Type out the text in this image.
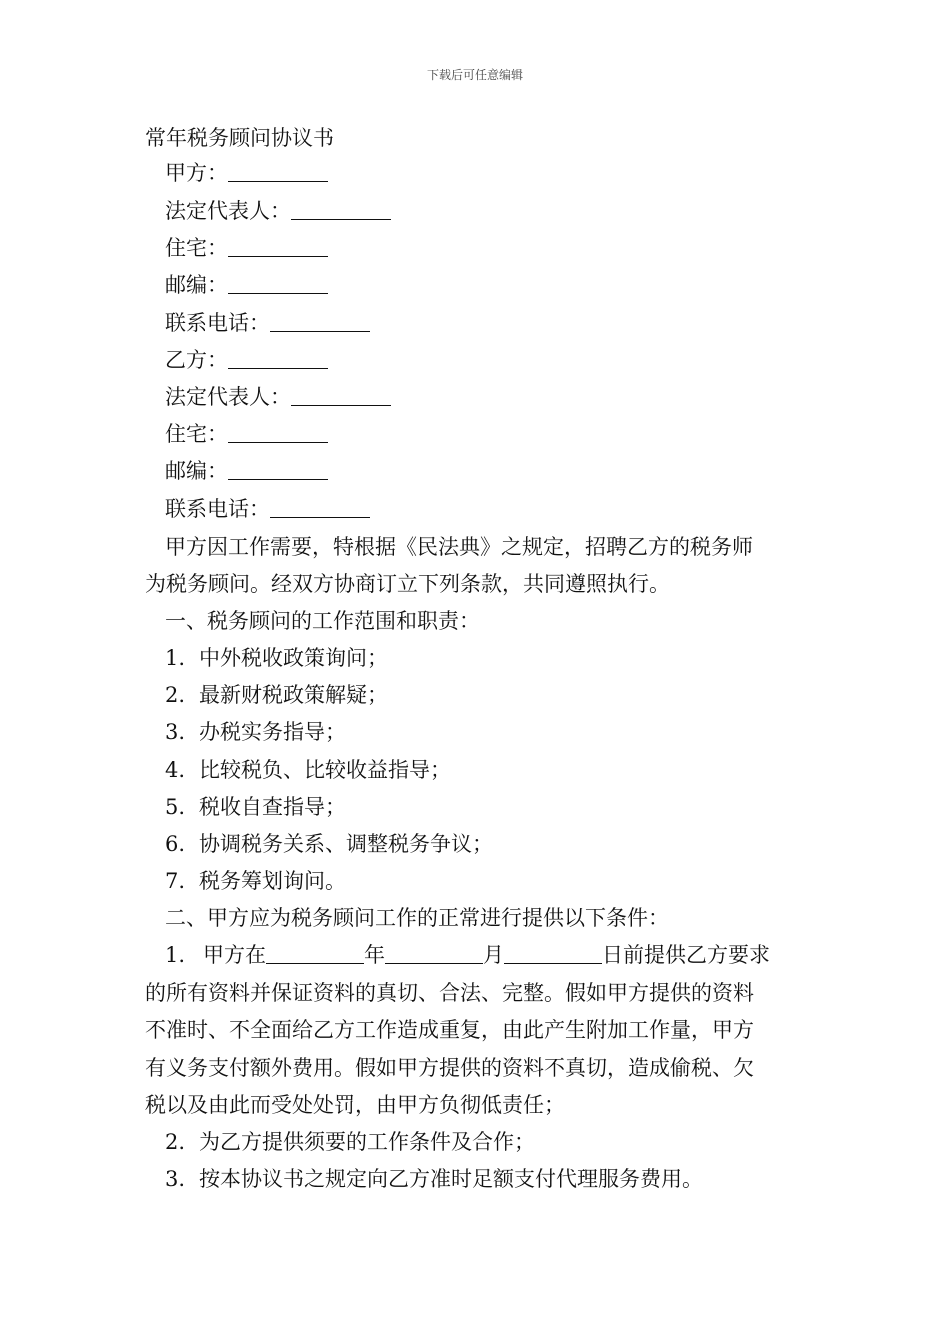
下载后可任意编辑
常年税务顾问协议书
甲方：
法定代表人：
住宅：
邮编：
联系电话：
乙方：
法定代表人：
住宅：
邮编：
联系电话：
甲方因工作需要，特根据《民法典》之规定，招聘乙方的税务师
为税务顾问。经双方协商订立下列条款，共同遵照执行。
一、税务顾问的工作范围和职责：
1. 中外税收政策询问；
2. 最新财税政策解疑；
3. 办税实务指导；
4. 比较税负、比较收益指导；
5. 税收自查指导；
6. 协调税务关系、调整税务争议；
7. 税务筹划询问。
二、甲方应为税务顾问工作的正常进行提供以下条件：
1. 甲方在	年	月	日前提供乙方要求
的所有资料并保证资料的真切、合法、完整。假如甲方提供的资料
不准时、不全面给乙方工作造成重复，由此产生附加工作量，甲方
有义务支付额外费用。假如甲方提供的资料不真切，造成偷税、欠
税以及由此而受处处罚，由甲方负彻低责任；
2. 为乙方提供须要的工作条件及合作；
3. 按本协议书之规定向乙方准时足额支付代理服务费用。
